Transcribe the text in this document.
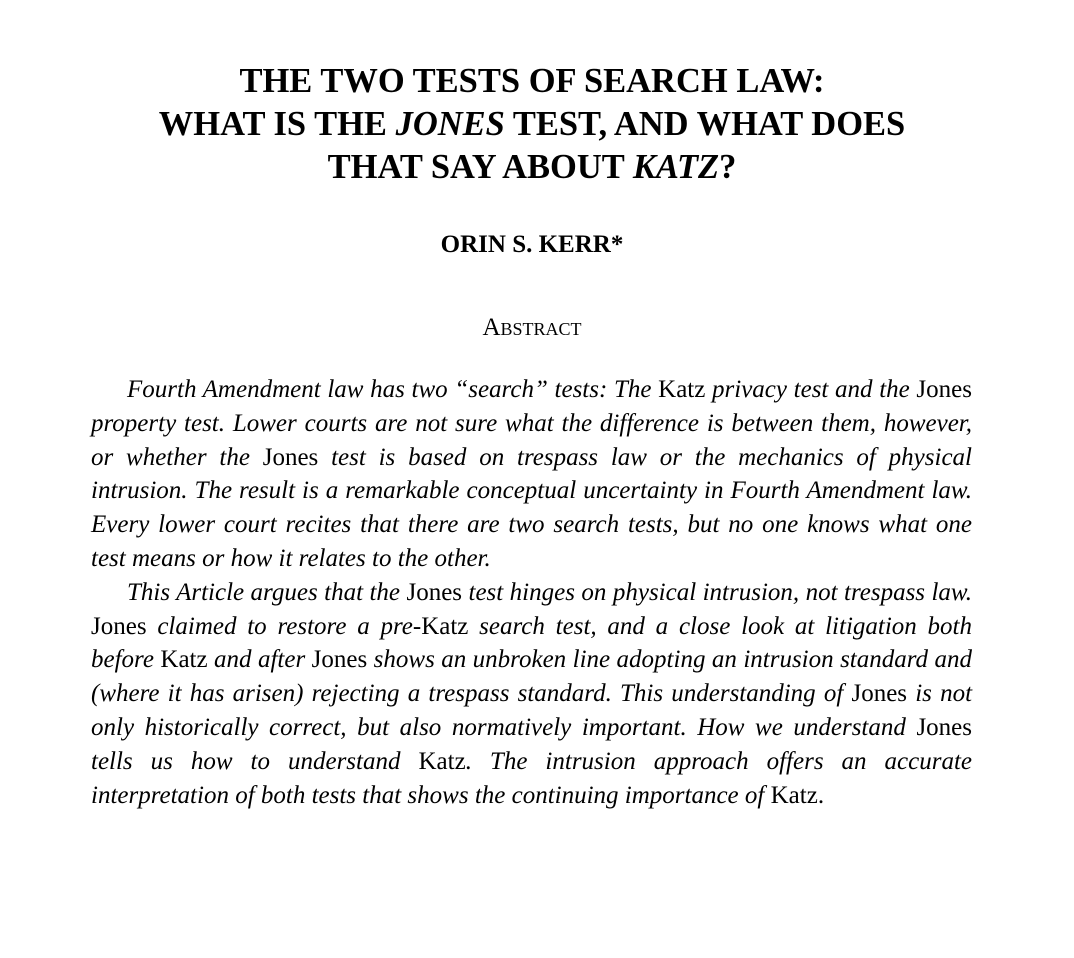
THE TWO TESTS OF SEARCH LAW:
WHAT IS THE JONES TEST, AND WHAT DOES
THAT SAY ABOUT KATZ?
ORIN S. KERR*
Abstract

Fourth Amendment law has two “search” tests: The Katz privacy test and the Jones property test. Lower courts are not sure what the difference is between them, however, or whether the Jones test is based on trespass law or the mechanics of physical intrusion. The result is a remarkable conceptual uncertainty in Fourth Amendment law. Every lower court recites that there are two search tests, but no one knows what one test means or how it relates to the other.

This Article argues that the Jones test hinges on physical intrusion, not trespass law. Jones claimed to restore a pre-Katz search test, and a close look at litigation both before Katz and after Jones shows an unbroken line adopting an intrusion standard and (where it has arisen) rejecting a trespass standard. This understanding of Jones is not only historically correct, but also normatively important. How we understand Jones tells us how to understand Katz. The intrusion approach offers an accurate interpretation of both tests that shows the continuing importance of Katz.
